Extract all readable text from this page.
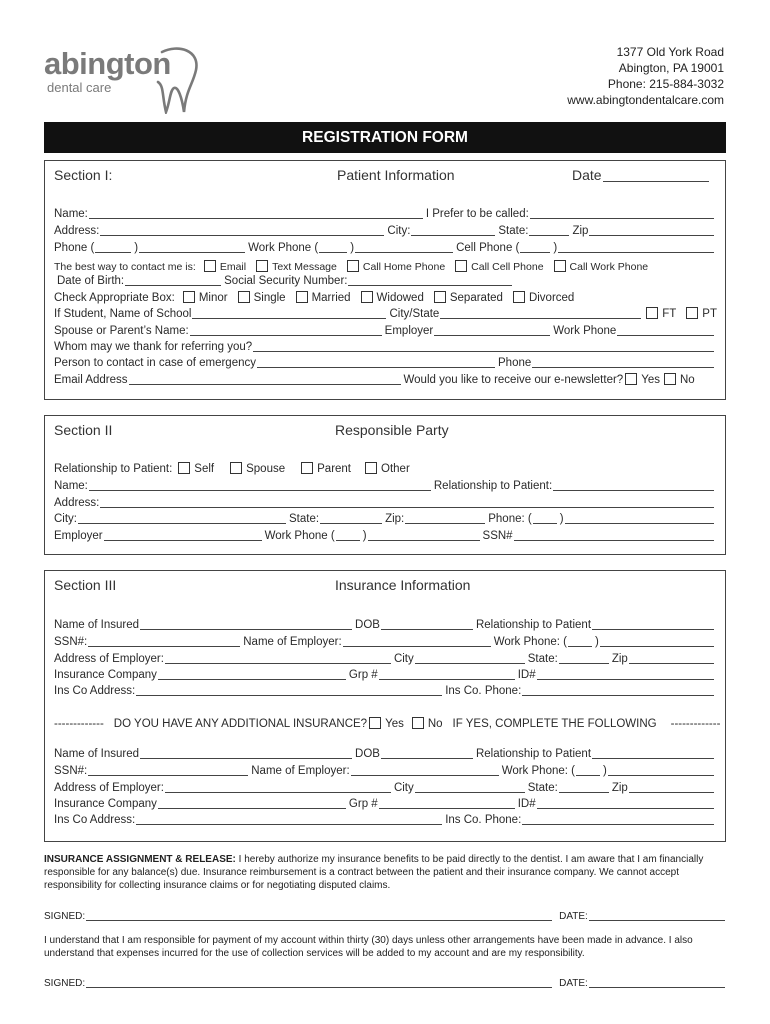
abington
dental care
1377 Old York Road
Abington, PA 19001
Phone: 215-884-3032
www.abingtondentalcare.com
REGISTRATION FORM
Section I:	Patient Information	Date
Name:	I Prefer to be called:
Address:	City:	State:	Zip
Phone (	)	Work Phone (	)	Cell Phone (	)
The best way to contact me is: Email Text Message Call Home Phone Call Cell Phone Call Work Phone
Date of Birth:	Social Security Number:
Check Appropriate Box: Minor Single Married Widowed Separated Divorced
If Student, Name of School	City/State	FT PT
Spouse or Parent’s Name:	Employer	Work Phone
Whom may we thank for referring you?
Person to contact in case of emergency	Phone
Email Address	Would you like to receive our e-newsletter? Yes No
Section II	Responsible Party
Relationship to Patient: Self	Spouse	Parent	Other
Name:	Relationship to Patient:
Address:
City:	State:	Zip:	Phone: ( )
Employer	Work Phone ( )	SSN#
Section III	Insurance Information
Name of Insured	DOB	Relationship to Patient
SSN#:	Name of Employer:	Work Phone: ( )
Address of Employer:	City	State:	Zip
Insurance Company	Grp #	ID#
Ins Co Address:	Ins Co. Phone:
------------- DO YOU HAVE ANY ADDITIONAL INSURANCE? Yes No IF YES, COMPLETE THE FOLLOWING -------------
Name of Insured	DOB	Relationship to Patient
SSN#:	Name of Employer:	Work Phone: ( )
Address of Employer:	City	State:	Zip
Insurance Company	Grp #	ID#
Ins Co Address:	Ins Co. Phone:
INSURANCE ASSIGNMENT & RELEASE: I hereby authorize my insurance benefits to be paid directly to the dentist. I am aware that I am financially responsible for any balance(s) due. Insurance reimbursement is a contract between the patient and their insurance company. We cannot accept responsibility for collecting insurance claims or for negotiating disputed claims.
SIGNED:	DATE:
I understand that I am responsible for payment of my account within thirty (30) days unless other arrangements have been made in advance. I also understand that expenses incurred for the use of collection services will be added to my account and are my responsibility.
SIGNED:	DATE:
